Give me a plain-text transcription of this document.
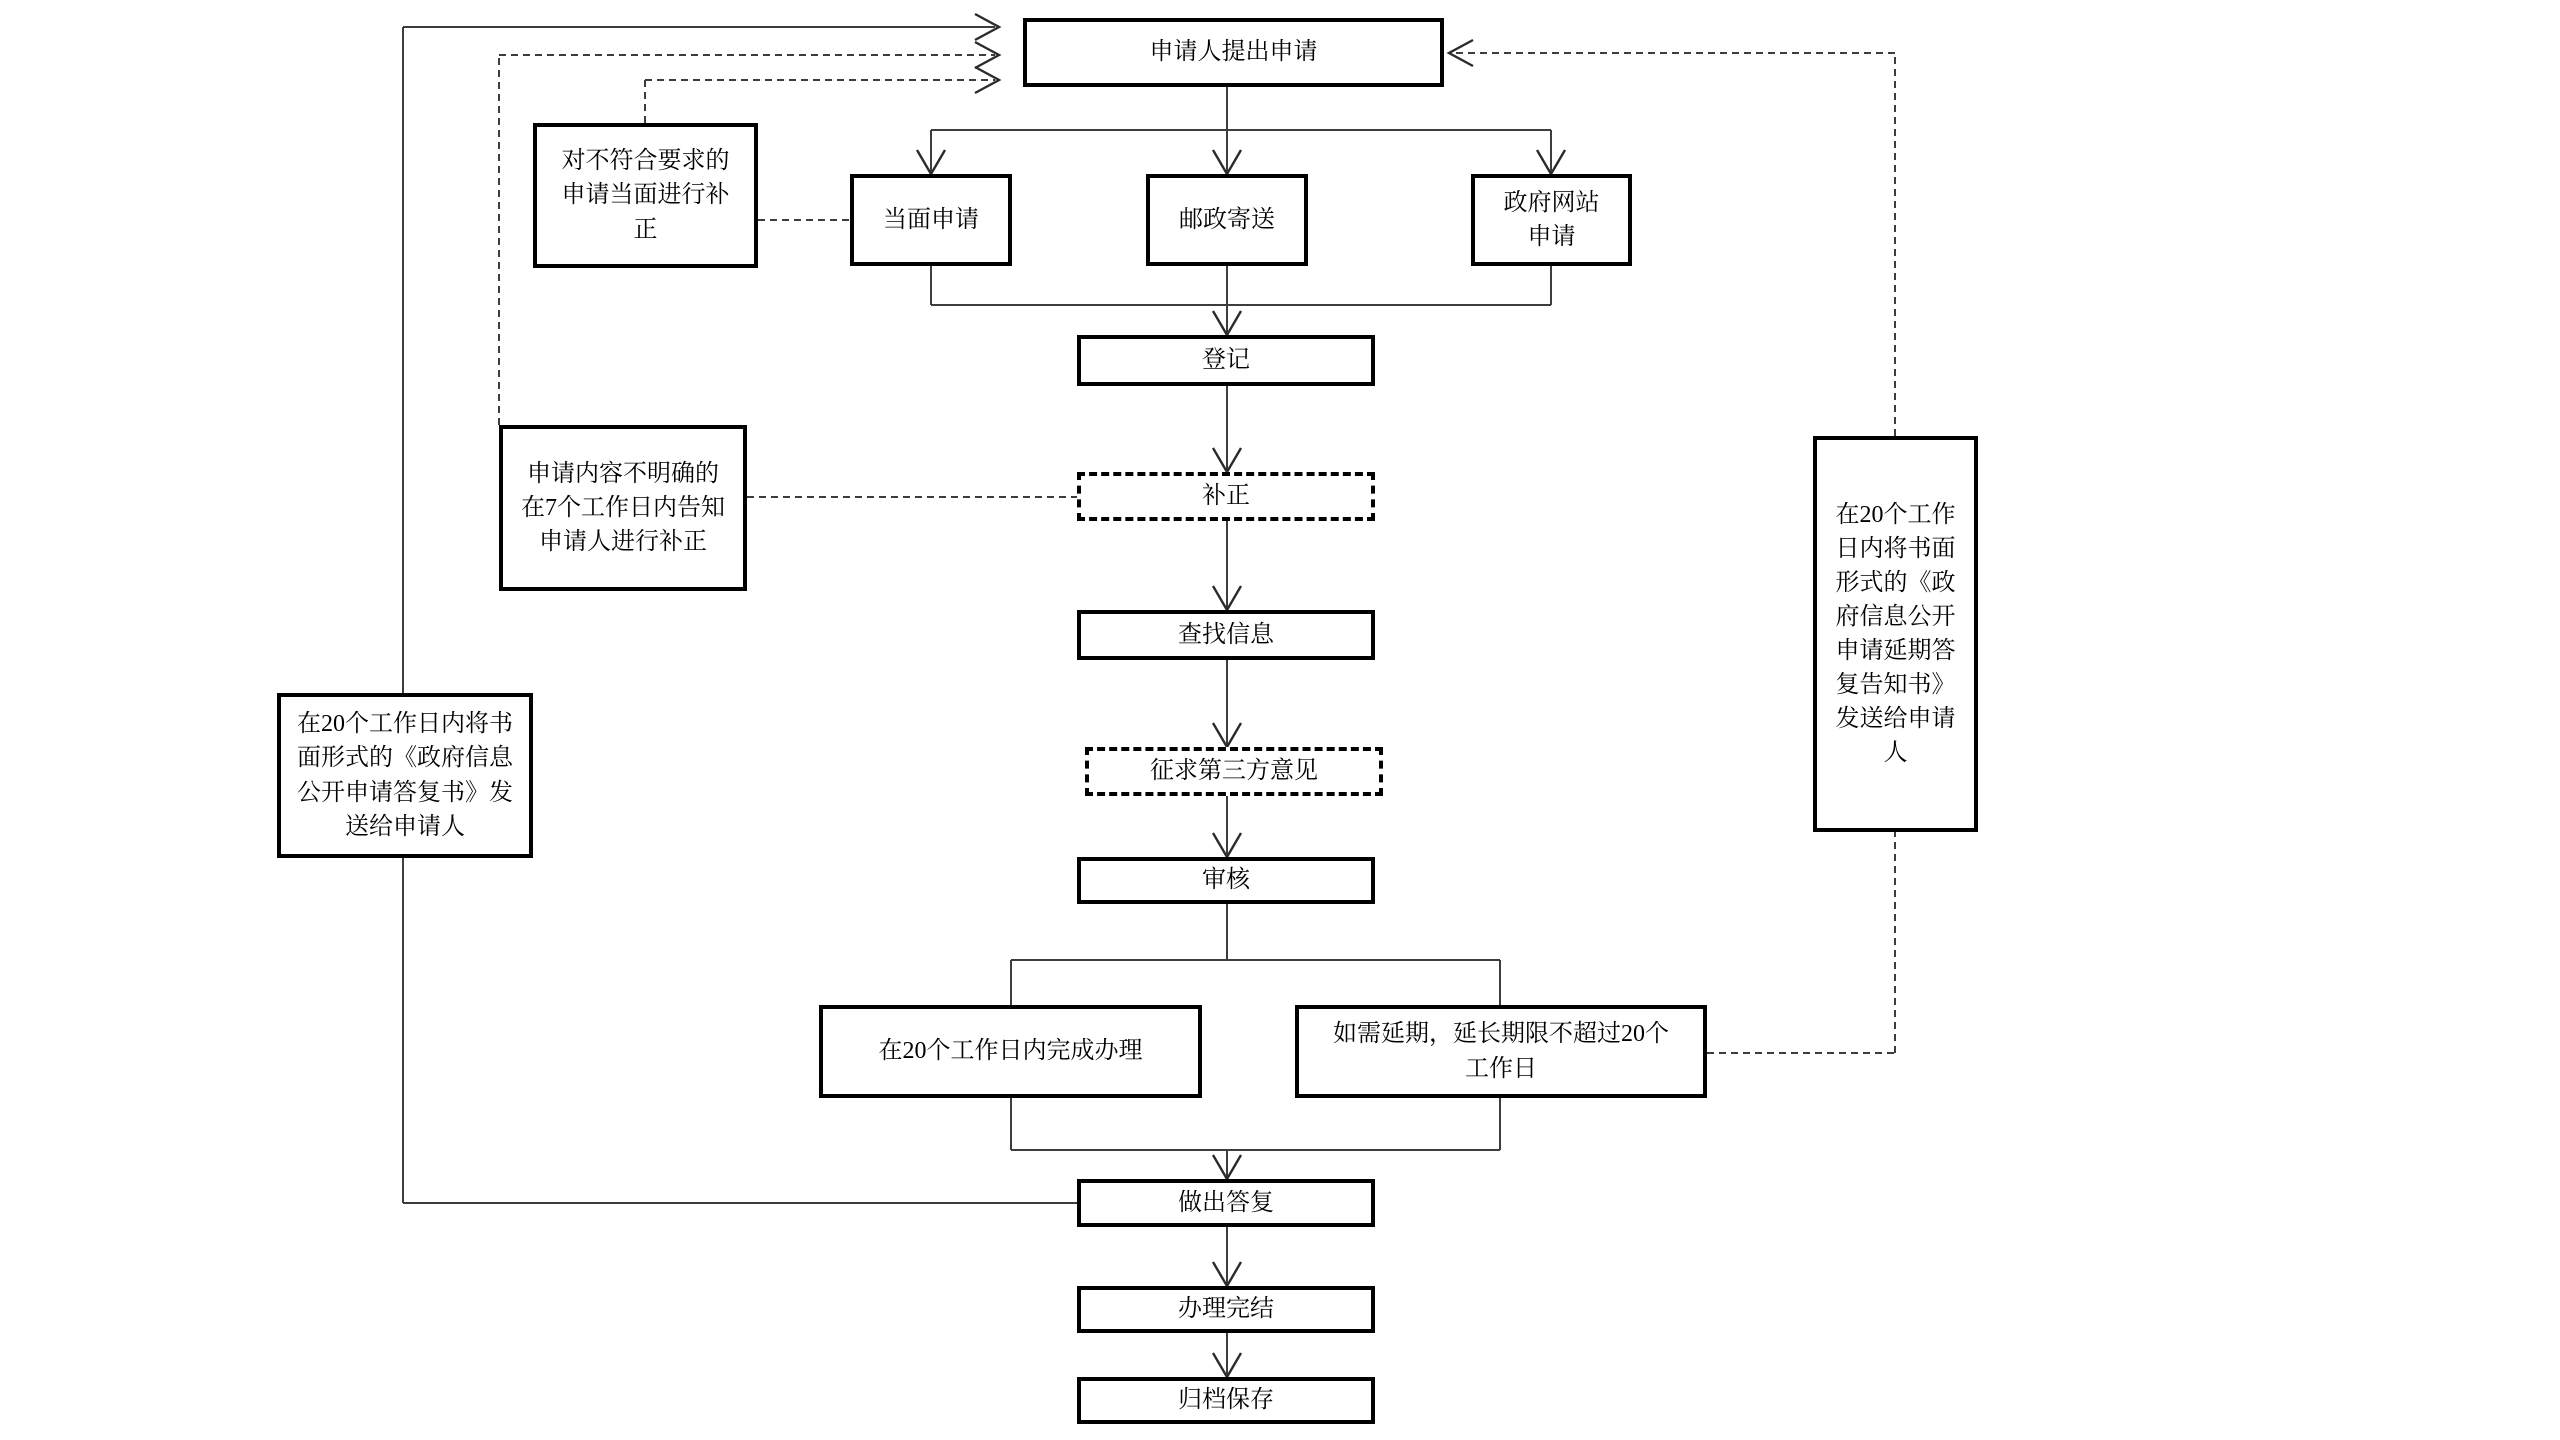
申请人提出申请
当面申请	邮政寄送
政府网站申请
登记
补正
查找信息
征求第三方意见
审核
在20个工作日内完成办理
如需延期，延长期限不超过20个工作日
做出答复
办理完结
归档保存
对不符合要求的申请当面进行补正
申请内容不明确的在7个工作日内告知申请人进行补正
在20个工作日内将书面形式的《政府信息公开申请答复书》发送给申请人
在20个工作日内将书面形式的《政府信息公开申请延期答复告知书》发送给申请人
